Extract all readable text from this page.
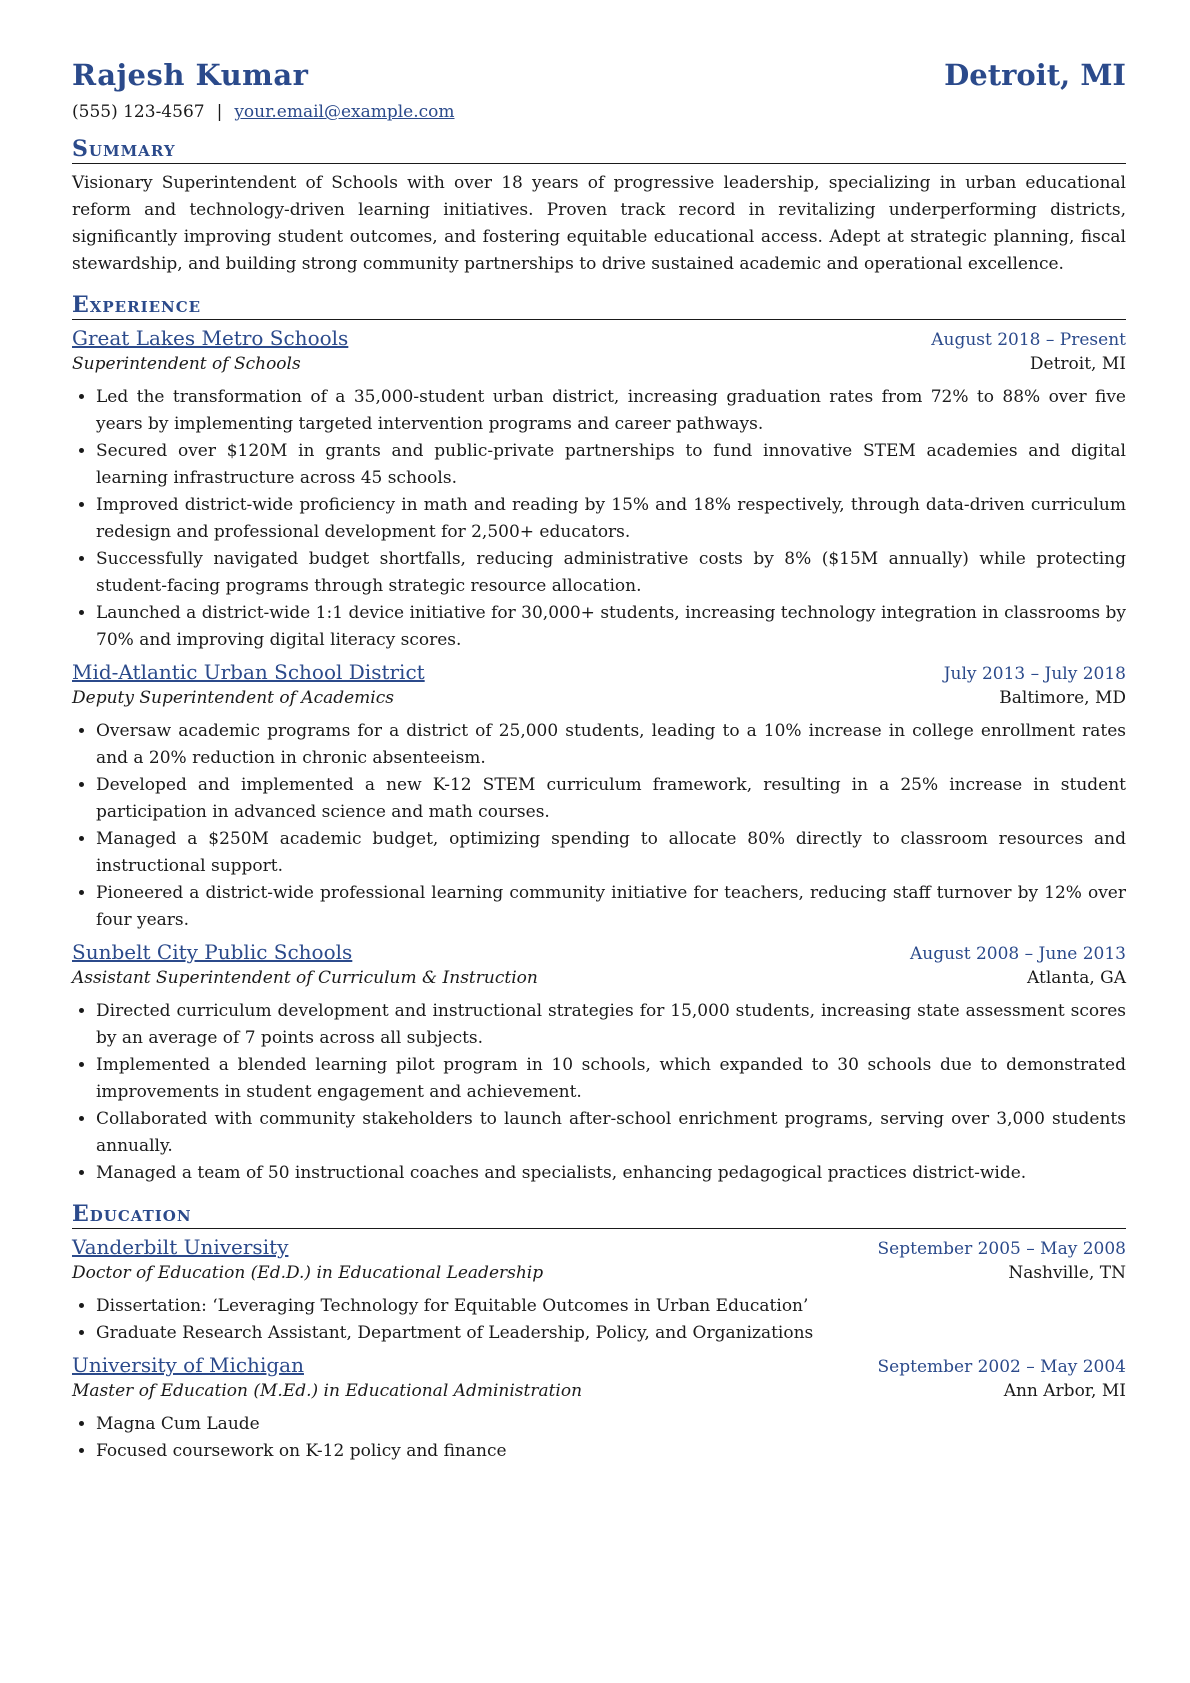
Rajesh Kumar	Detroit, MI
(555) 123-4567 | your.email@example.com
Summary

Visionary Superintendent of Schools with over 18 years of progressive leadership, specializing in urban educational reform and technology-driven learning initiatives. Proven track record in revitalizing underperforming districts, significantly improving student outcomes, and fostering equitable educational access. Adept at strategic planning, fiscal stewardship, and building strong community partnerships to drive sustained academic and operational excellence.

Experience
Great Lakes Metro Schools	August 2018 – Present
Superintendent of Schools	Detroit, MI
• Led the transformation of a 35,000-student urban district, increasing graduation rates from 72% to 88% over five years by implementing targeted intervention programs and career pathways.
• Secured over $120M in grants and public-private partnerships to fund innovative STEM academies and digital learning infrastructure across 45 schools.
• Improved district-wide proficiency in math and reading by 15% and 18% respectively, through data-driven curriculum redesign and professional development for 2,500+ educators.
• Successfully navigated budget shortfalls, reducing administrative costs by 8% ($15M annually) while protecting student-facing programs through strategic resource allocation.
• Launched a district-wide 1:1 device initiative for 30,000+ students, increasing technology integration in classrooms by 70% and improving digital literacy scores.
Mid-Atlantic Urban School District	July 2013 – July 2018
Deputy Superintendent of Academics	Baltimore, MD
• Oversaw academic programs for a district of 25,000 students, leading to a 10% increase in college enrollment rates and a 20% reduction in chronic absenteeism.
• Developed and implemented a new K-12 STEM curriculum framework, resulting in a 25% increase in student participation in advanced science and math courses.
• Managed a $250M academic budget, optimizing spending to allocate 80% directly to classroom resources and instructional support.
• Pioneered a district-wide professional learning community initiative for teachers, reducing staff turnover by 12% over four years.
Sunbelt City Public Schools	August 2008 – June 2013
Assistant Superintendent of Curriculum & Instruction	Atlanta, GA
• Directed curriculum development and instructional strategies for 15,000 students, increasing state assessment scores by an average of 7 points across all subjects.
• Implemented a blended learning pilot program in 10 schools, which expanded to 30 schools due to demonstrated improvements in student engagement and achievement.
• Collaborated with community stakeholders to launch after-school enrichment programs, serving over 3,000 students annually.
• Managed a team of 50 instructional coaches and specialists, enhancing pedagogical practices district-wide.
Education
Vanderbilt University	September 2005 – May 2008
Doctor of Education (Ed.D.) in Educational Leadership	Nashville, TN
• Dissertation: ‘Leveraging Technology for Equitable Outcomes in Urban Education’
• Graduate Research Assistant, Department of Leadership, Policy, and Organizations
University of Michigan	September 2002 – May 2004
Master of Education (M.Ed.) in Educational Administration	Ann Arbor, MI
• Magna Cum Laude
• Focused coursework on K-12 policy and finance
